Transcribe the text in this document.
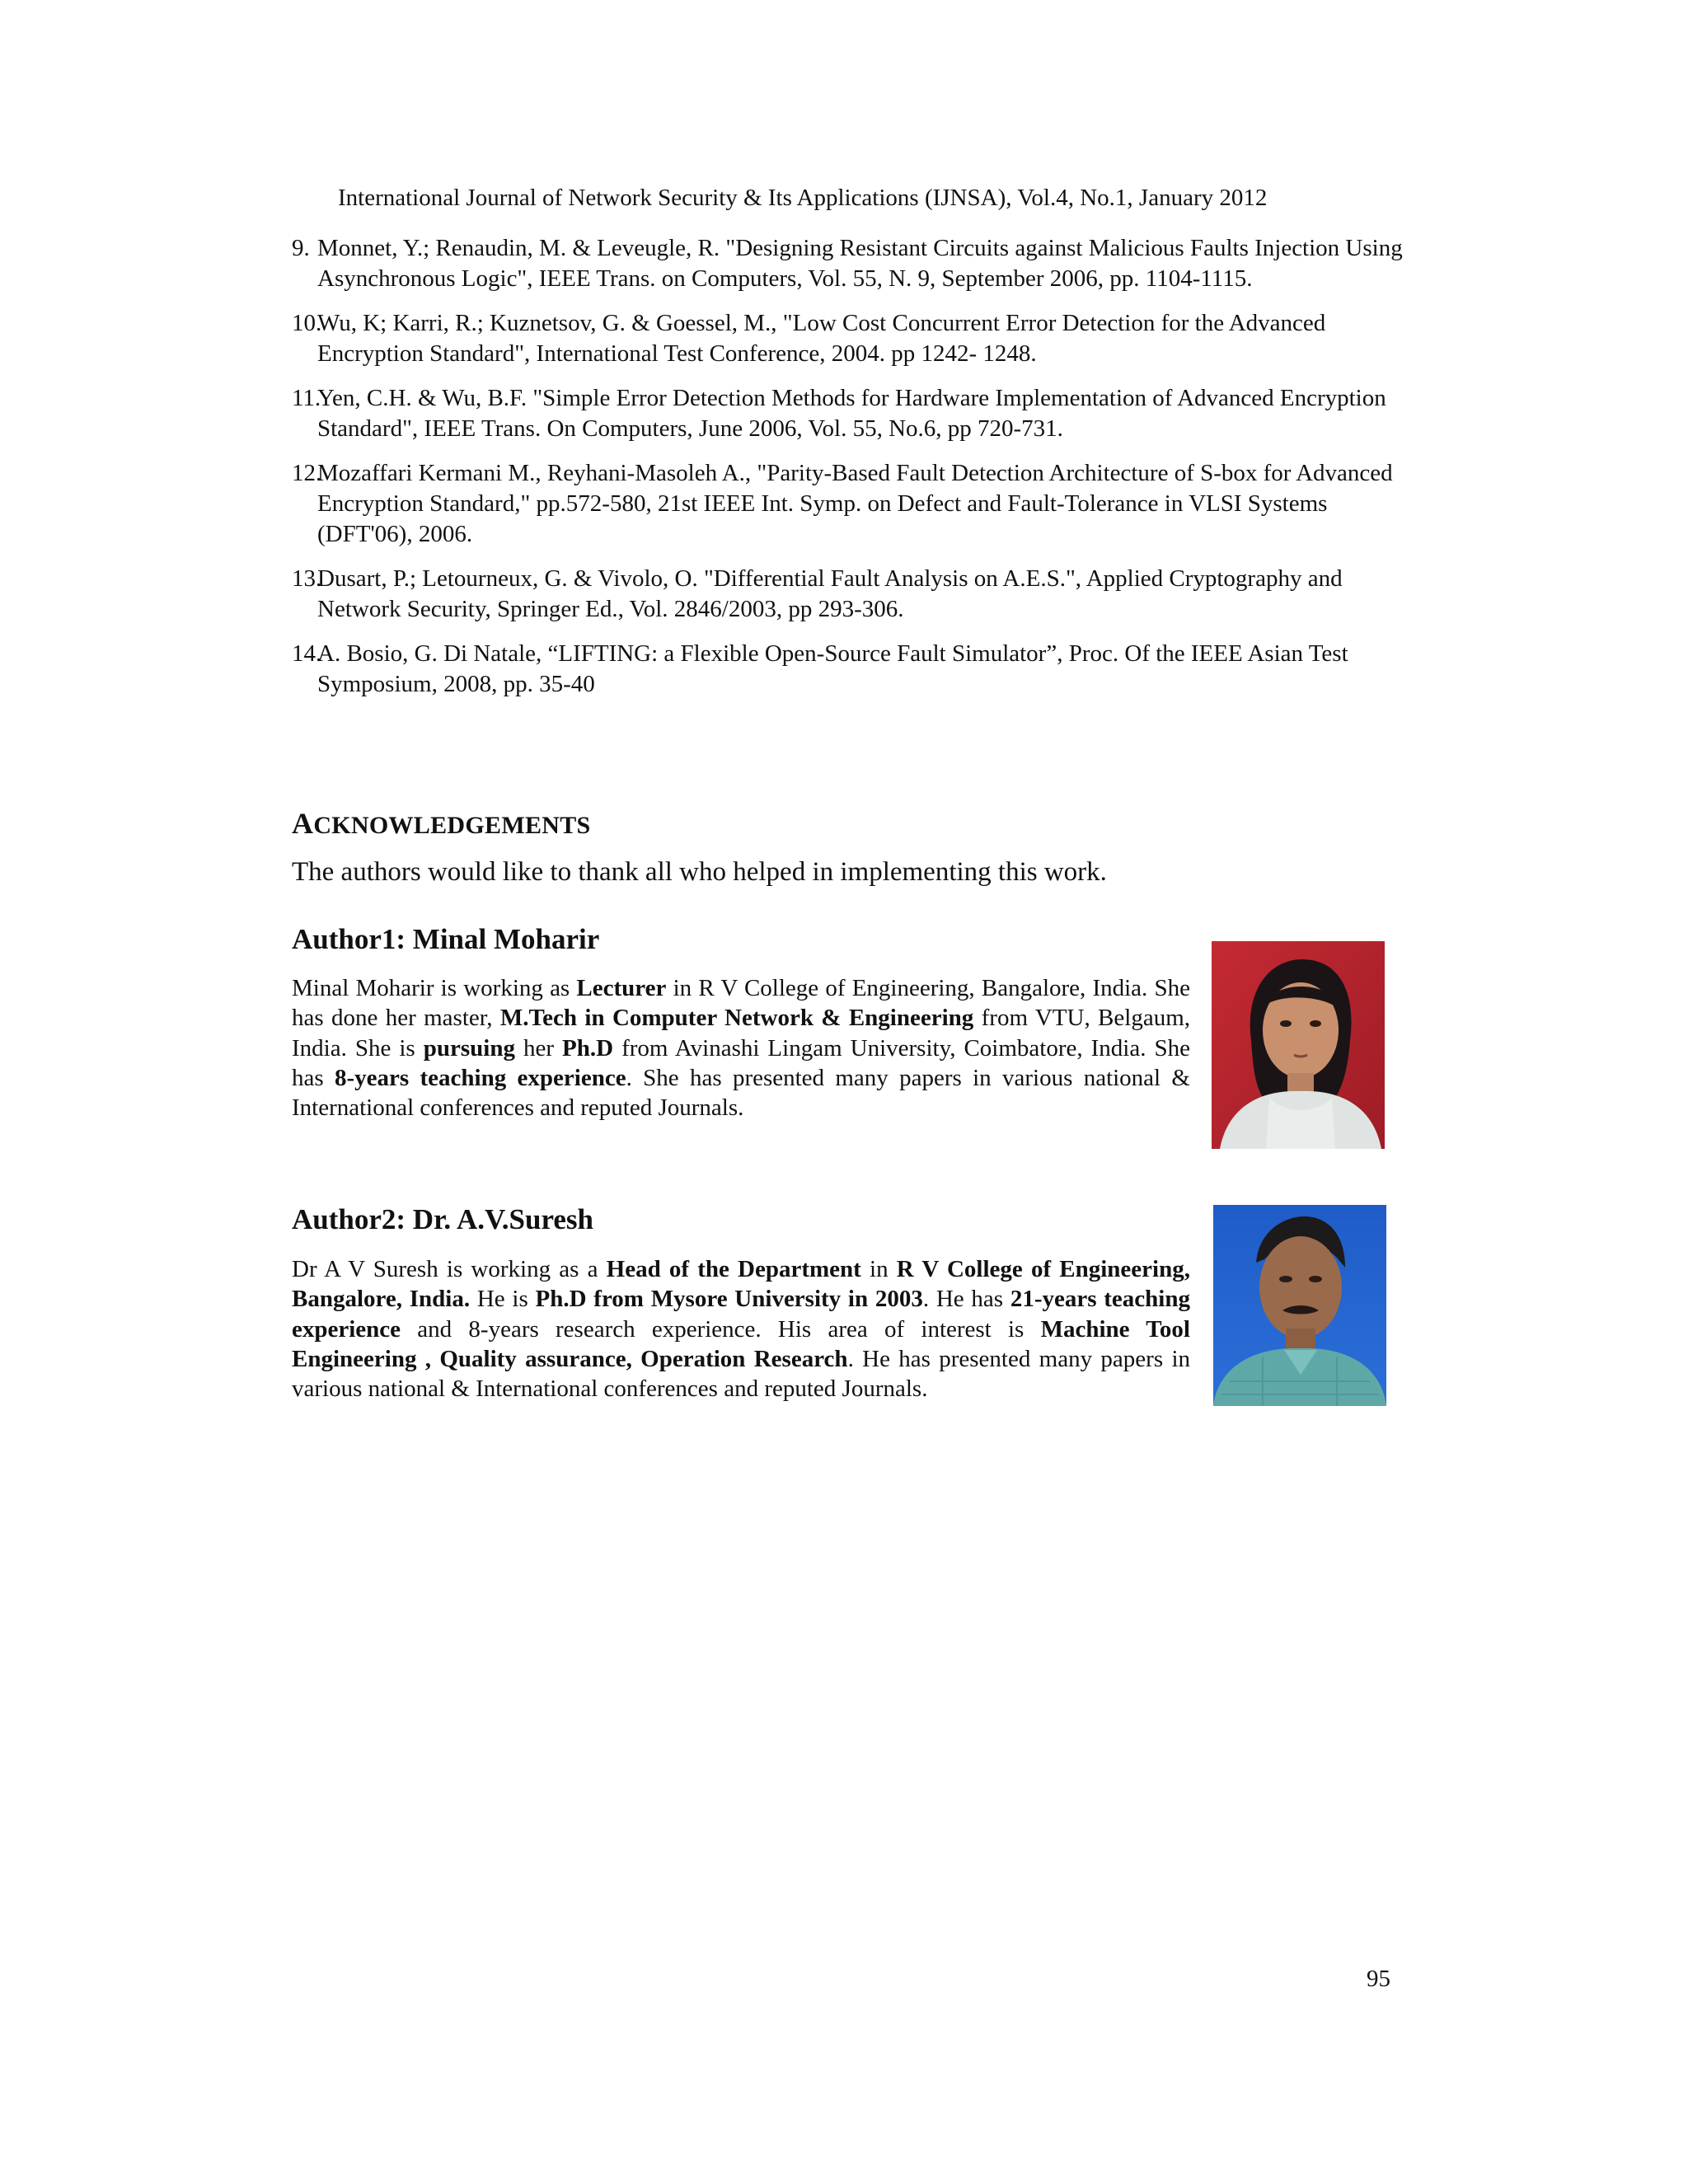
International Journal of Network Security & Its Applications (IJNSA), Vol.4, No.1, January 2012
9. Monnet, Y.; Renaudin, M. & Leveugle, R. "Designing Resistant Circuits against Malicious Faults Injection Using Asynchronous Logic", IEEE Trans. on Computers, Vol. 55, N. 9, September 2006, pp. 1104-1115.
10.
Wu, K; Karri, R.; Kuznetsov, G. & Goessel, M., "Low Cost Concurrent Error Detection for the Advanced Encryption Standard", International Test Conference, 2004. pp 1242- 1248.
11.
Yen, C.H. & Wu, B.F. "Simple Error Detection Methods for Hardware Implementation of Advanced Encryption Standard", IEEE Trans. On Computers, June 2006, Vol. 55, No.6, pp 720-731.
12.
Mozaffari Kermani M., Reyhani-Masoleh A., "Parity-Based Fault Detection Architecture of S-box for Advanced Encryption Standard," pp.572-580, 21st IEEE Int. Symp. on Defect and Fault-Tolerance in VLSI Systems (DFT'06), 2006.
13.
Dusart, P.; Letourneux, G. & Vivolo, O. "Differential Fault Analysis on A.E.S.", Applied Cryptography and Network Security, Springer Ed., Vol. 2846/2003, pp 293-306.
14.
A. Bosio, G. Di Natale, “LIFTING: a Flexible Open-Source Fault Simulator”, Proc. Of the IEEE Asian Test Symposium, 2008, pp. 35-40
ACKNOWLEDGEMENTS
The authors would like to thank all who helped in implementing this work.
Author1: Minal Moharir
Minal Moharir is working as Lecturer in R V College of Engineering, Bangalore, India. She has done her master, M.Tech in Computer Network & Engineering from VTU, Belgaum, India. She is pursuing her Ph.D from Avinashi Lingam University, Coimbatore, India. She has 8-years teaching experience. She has presented many papers in various national & International conferences and reputed Journals.
Author2: Dr. A.V.Suresh
Dr A V Suresh is working as a Head of the Department in R V College of Engineering, Bangalore, India. He is Ph.D from Mysore University in 2003. He has 21-years teaching experience and 8-years research experience. His area of interest is Machine Tool Engineering , Quality assurance, Operation Research. He has presented many papers in various national & International conferences and reputed Journals.
95
